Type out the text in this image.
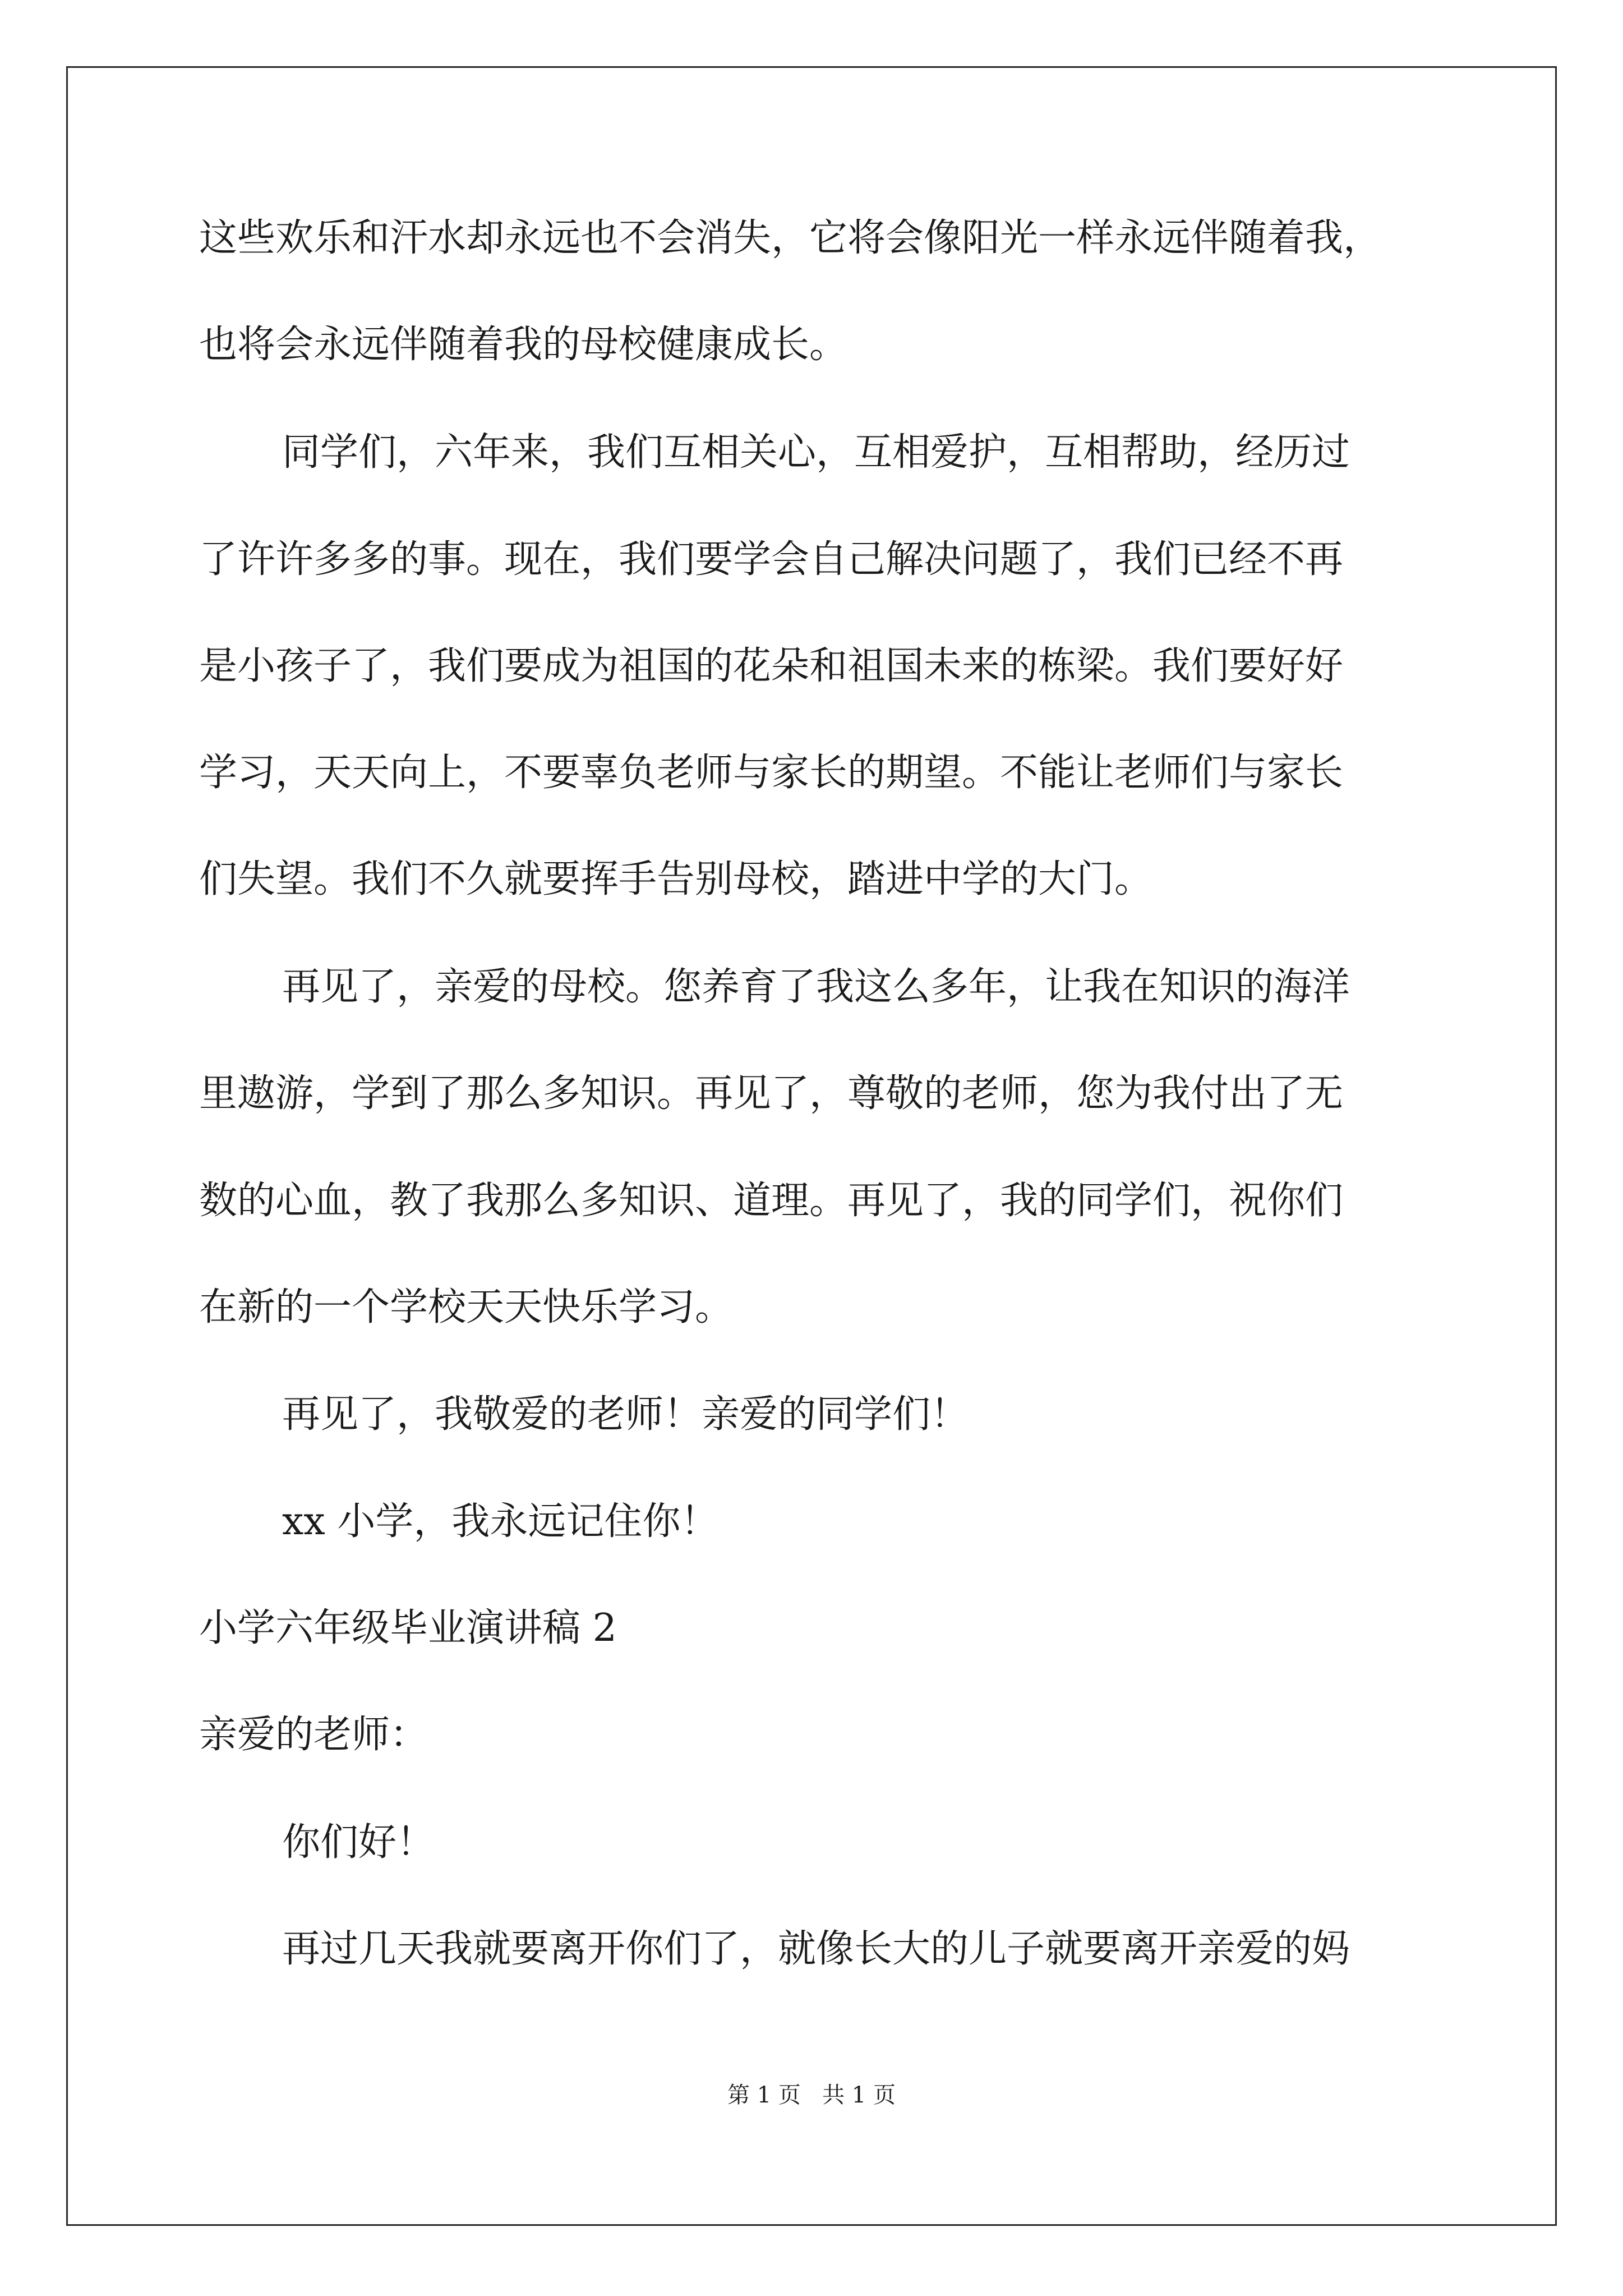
这些欢乐和汗水却永远也不会消失，它将会像阳光一样永远伴随着我，
也将会永远伴随着我的母校健康成长。
同学们，六年来，我们互相关心，互相爱护，互相帮助，经历过
了许许多多的事。现在，我们要学会自己解决问题了，我们已经不再
是小孩子了，我们要成为祖国的花朵和祖国未来的栋梁。我们要好好
学习，天天向上，不要辜负老师与家长的期望。不能让老师们与家长
们失望。我们不久就要挥手告别母校，踏进中学的大门。
再见了，亲爱的母校。您养育了我这么多年，让我在知识的海洋
里遨游，学到了那么多知识。再见了，尊敬的老师，您为我付出了无
数的心血，教了我那么多知识、道理。再见了，我的同学们，祝你们
在新的一个学校天天快乐学习。
再见了，我敬爱的老师！亲爱的同学们！
xx 小学，我永远记住你！
小学六年级毕业演讲稿 2
亲爱的老师：
你们好！
再过几天我就要离开你们了，就像长大的儿子就要离开亲爱的妈
第 1 页   共 1 页
